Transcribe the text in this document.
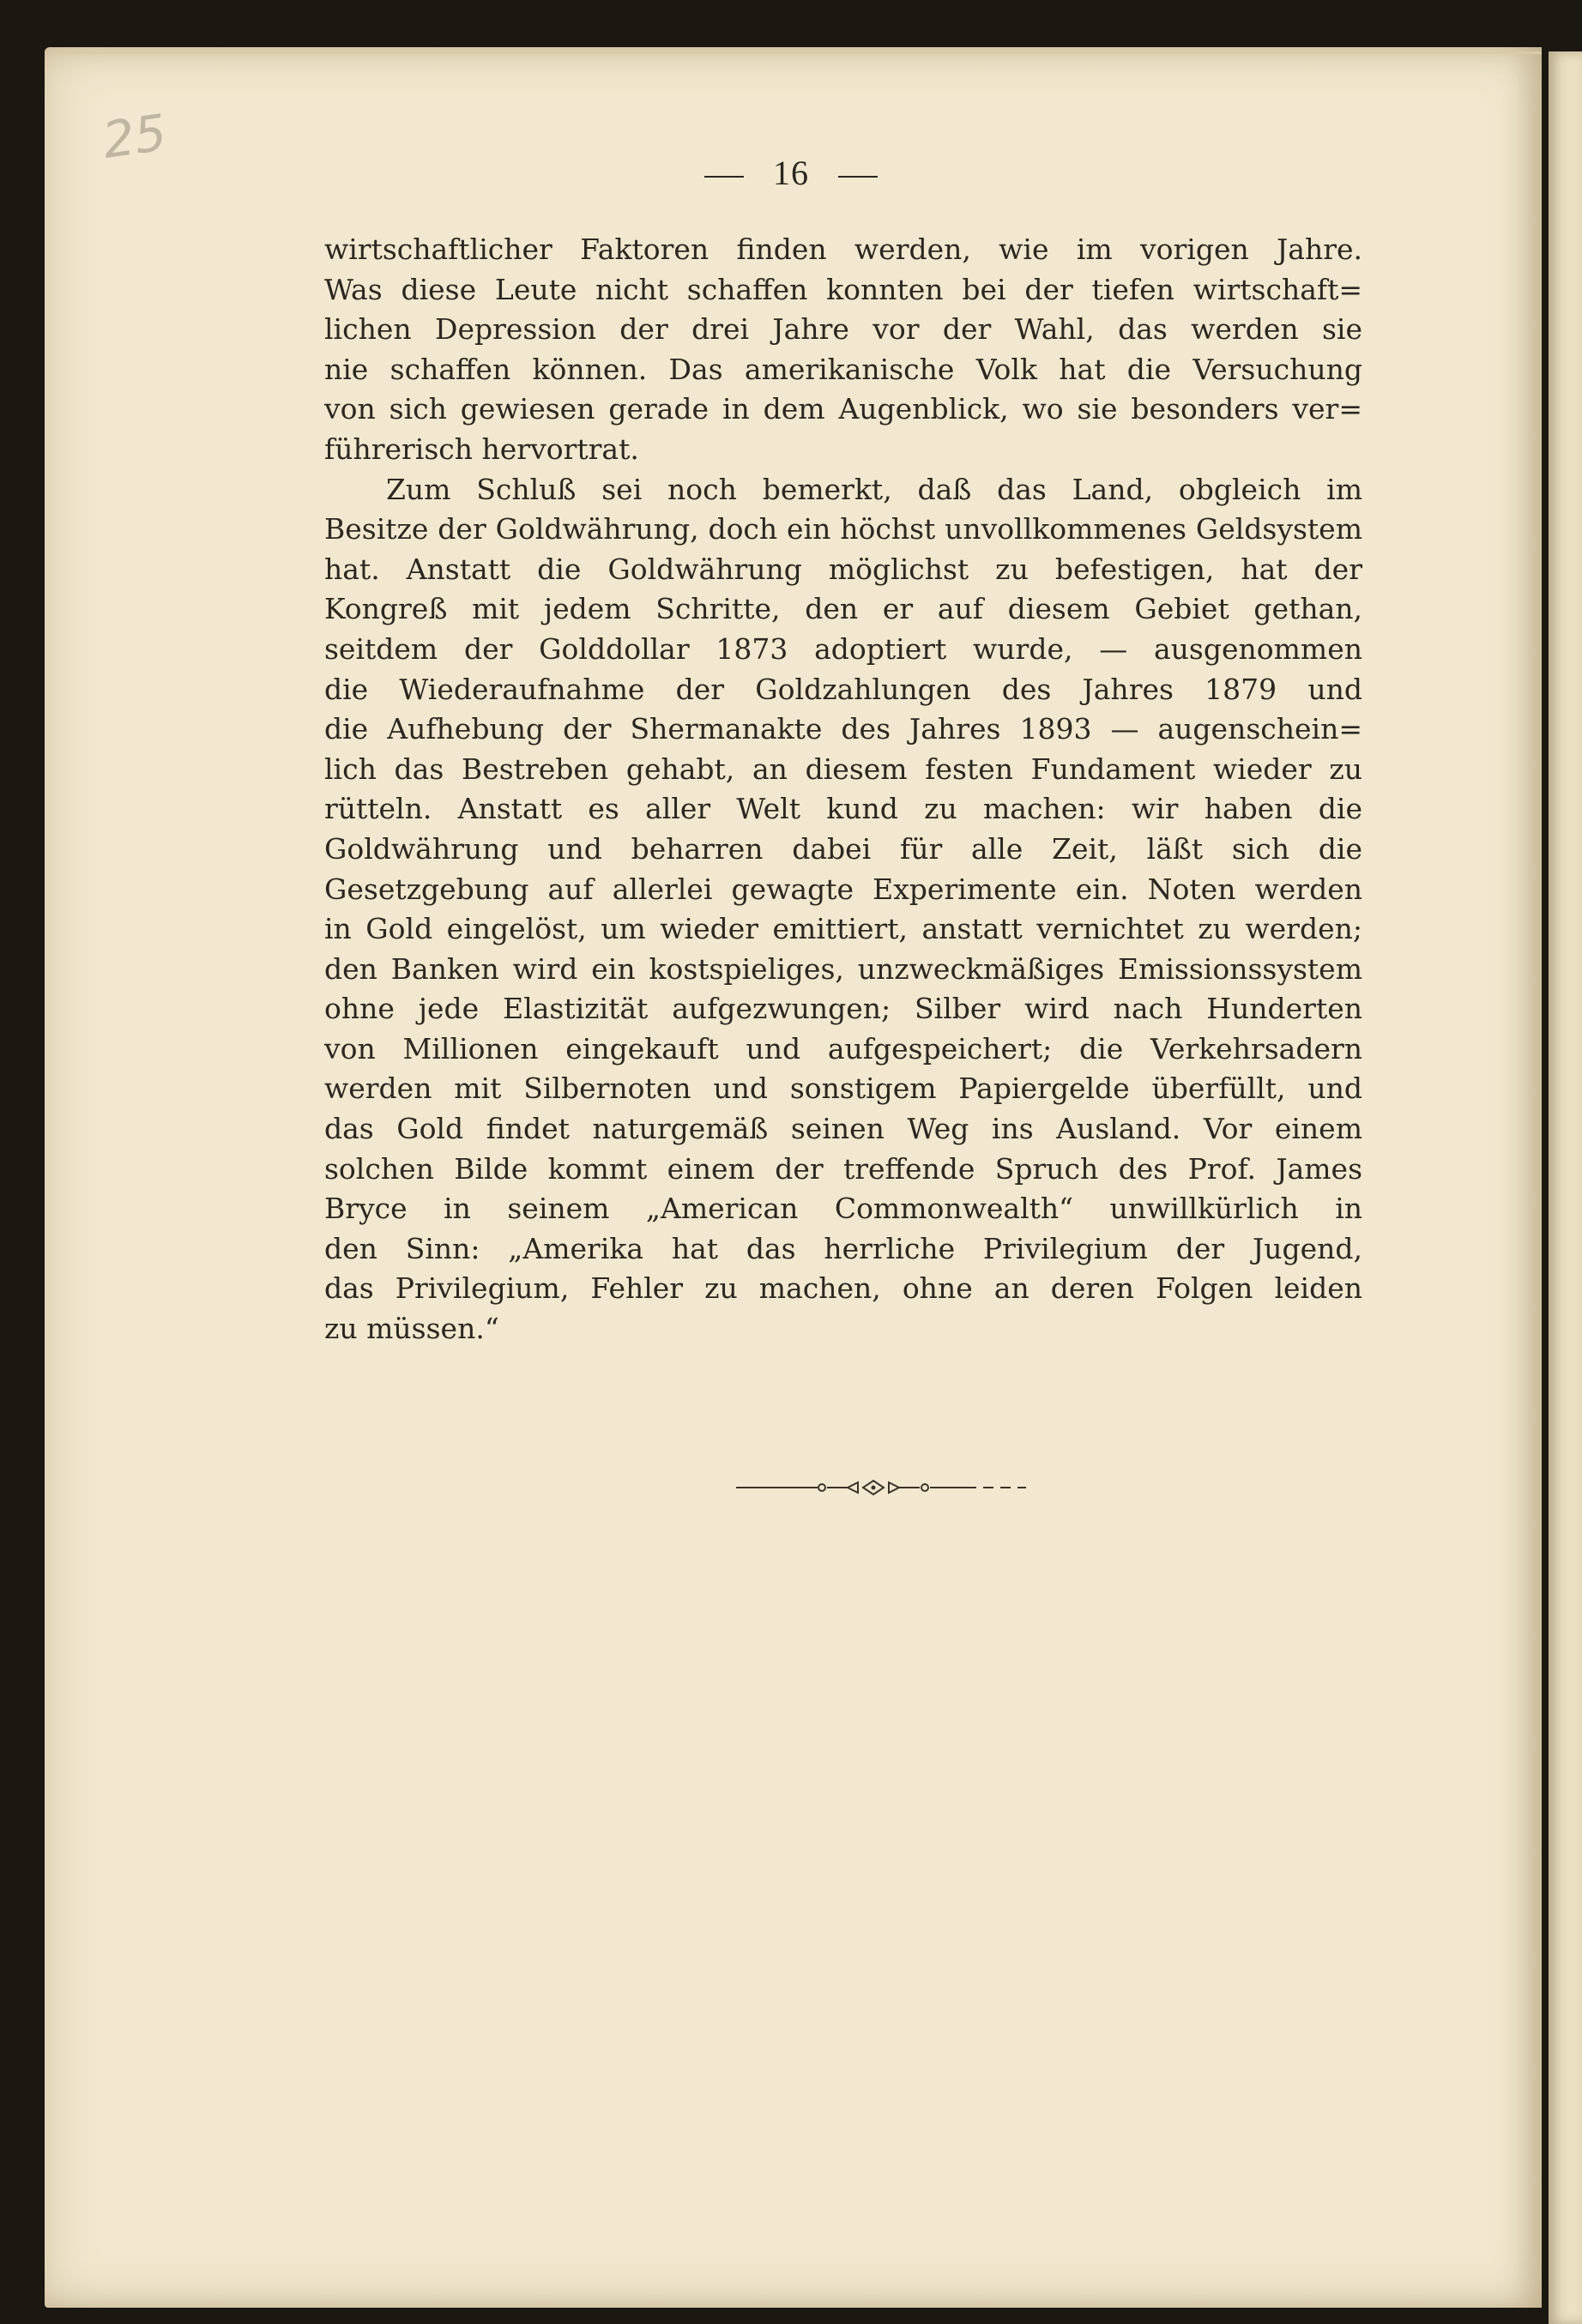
25
16
wirtschaftlicher Faktoren finden werden, wie im vorigen Jahre.
Was diese Leute nicht schaffen konnten bei der tiefen wirtschaft=
lichen Depression der drei Jahre vor der Wahl, das werden sie
nie schaffen können. Das amerikanische Volk hat die Versuchung
von sich gewiesen gerade in dem Augenblick, wo sie besonders ver=
führerisch hervortrat.
Zum Schluß sei noch bemerkt, daß das Land, obgleich im
Besitze der Goldwährung, doch ein höchst unvollkommenes Geldsystem
hat. Anstatt die Goldwährung möglichst zu befestigen, hat der
Kongreß mit jedem Schritte, den er auf diesem Gebiet gethan,
seitdem der Golddollar 1873 adoptiert wurde, — ausgenommen
die Wiederaufnahme der Goldzahlungen des Jahres 1879 und
die Aufhebung der Shermanakte des Jahres 1893 — augenschein=
lich das Bestreben gehabt, an diesem festen Fundament wieder zu
rütteln. Anstatt es aller Welt kund zu machen: wir haben die
Goldwährung und beharren dabei für alle Zeit, läßt sich die
Gesetzgebung auf allerlei gewagte Experimente ein. Noten werden
in Gold eingelöst, um wieder emittiert, anstatt vernichtet zu werden;
den Banken wird ein kostspieliges, unzweckmäßiges Emissionssystem
ohne jede Elastizität aufgezwungen; Silber wird nach Hunderten
von Millionen eingekauft und aufgespeichert; die Verkehrsadern
werden mit Silbernoten und sonstigem Papiergelde überfüllt, und
das Gold findet naturgemäß seinen Weg ins Ausland. Vor einem
solchen Bilde kommt einem der treffende Spruch des Prof. James
Bryce in seinem „American Commonwealth“ unwillkürlich in
den Sinn: „Amerika hat das herrliche Privilegium der Jugend,
das Privilegium, Fehler zu machen, ohne an deren Folgen leiden
zu müssen.“
